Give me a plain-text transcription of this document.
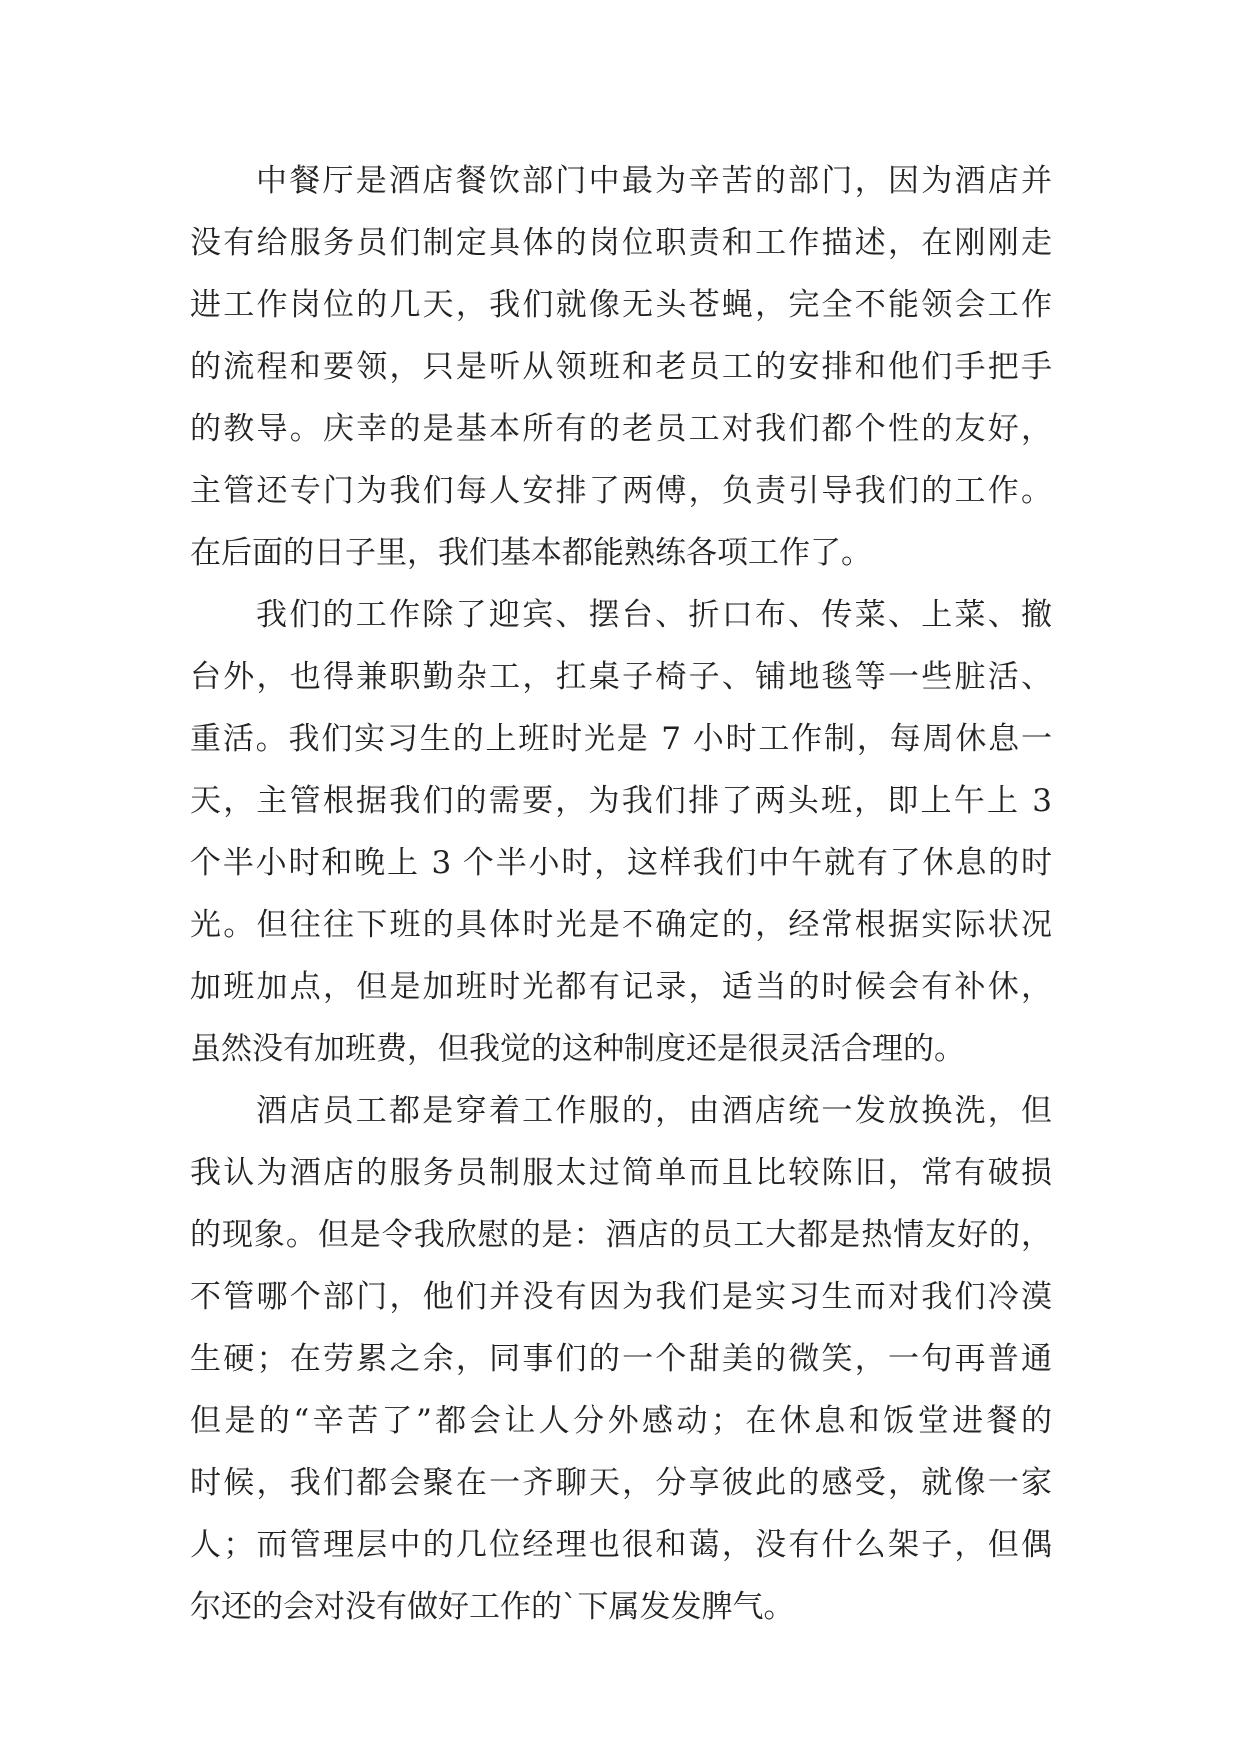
中餐厅是酒店餐饮部门中最为辛苦的部门，因为酒店并
没有给服务员们制定具体的岗位职责和工作描述，在刚刚走
进工作岗位的几天，我们就像无头苍蝇，完全不能领会工作
的流程和要领，只是听从领班和老员工的安排和他们手把手
的教导。庆幸的是基本所有的老员工对我们都个性的友好，
主管还专门为我们每人安排了两傅，负责引导我们的工作。
在后面的日子里，我们基本都能熟练各项工作了。
我们的工作除了迎宾、摆台、折口布、传菜、上菜、撤
台外，也得兼职勤杂工，扛桌子椅子、铺地毯等一些脏活、
重活。我们实习生的上班时光是 7 小时工作制，每周休息一
天，主管根据我们的需要，为我们排了两头班，即上午上 3
个半小时和晚上 3 个半小时，这样我们中午就有了休息的时
光。但往往下班的具体时光是不确定的，经常根据实际状况
加班加点，但是加班时光都有记录，适当的时候会有补休，
虽然没有加班费，但我觉的这种制度还是很灵活合理的。
酒店员工都是穿着工作服的，由酒店统一发放换洗，但
我认为酒店的服务员制服太过简单而且比较陈旧，常有破损
的现象。但是令我欣慰的是：酒店的员工大都是热情友好的，
不管哪个部门，他们并没有因为我们是实习生而对我们冷漠
生硬；在劳累之余，同事们的一个甜美的微笑，一句再普通
但是的“辛苦了”都会让人分外感动；在休息和饭堂进餐的
时候，我们都会聚在一齐聊天，分享彼此的感受，就像一家
人；而管理层中的几位经理也很和蔼，没有什么架子，但偶
尔还的会对没有做好工作的`下属发发脾气。
